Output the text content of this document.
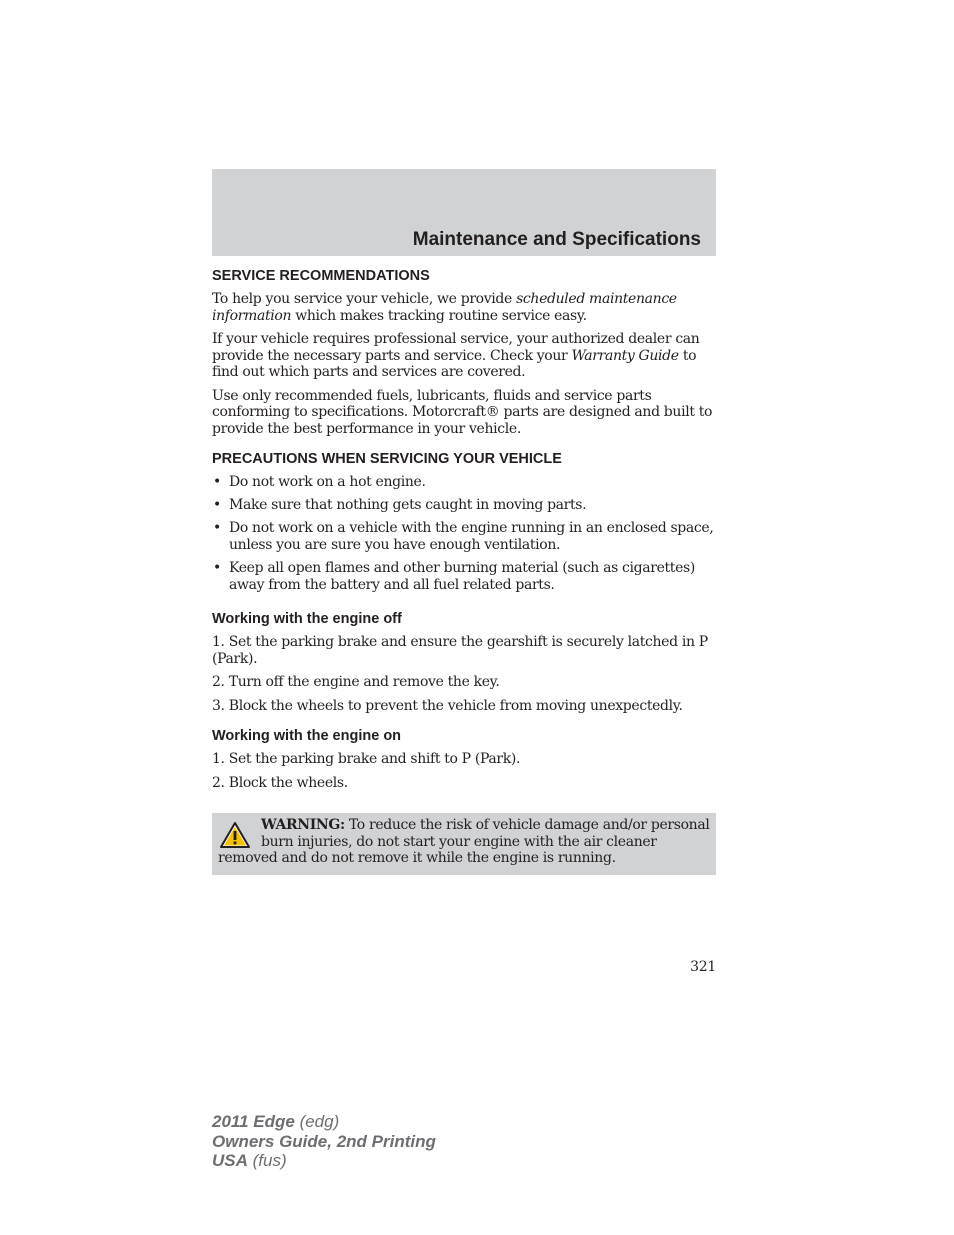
Maintenance and Specifications
SERVICE RECOMMENDATIONS

To help you service your vehicle, we provide scheduled maintenance information which makes tracking routine service easy.

If your vehicle requires professional service, your authorized dealer can provide the necessary parts and service. Check your Warranty Guide to find out which parts and services are covered.

Use only recommended fuels, lubricants, fluids and service parts conforming to specifications. Motorcraft® parts are designed and built to provide the best performance in your vehicle.

PRECAUTIONS WHEN SERVICING YOUR VEHICLE
• Do not work on a hot engine.
• Make sure that nothing gets caught in moving parts.
• Do not work on a vehicle with the engine running in an enclosed space, unless you are sure you have enough ventilation.
• Keep all open flames and other burning material (such as cigarettes) away from the battery and all fuel related parts.
Working with the engine off

1. Set the parking brake and ensure the gearshift is securely latched in P (Park).

2. Turn off the engine and remove the key.

3. Block the wheels to prevent the vehicle from moving unexpectedly.

Working with the engine on

1. Set the parking brake and shift to P (Park).

2. Block the wheels.

WARNING: To reduce the risk of vehicle damage and/or personal burn injuries, do not start your engine with the air cleaner removed and do not remove it while the engine is running.

321
2011 Edge (edg)
Owners Guide, 2nd Printing
USA (fus)
